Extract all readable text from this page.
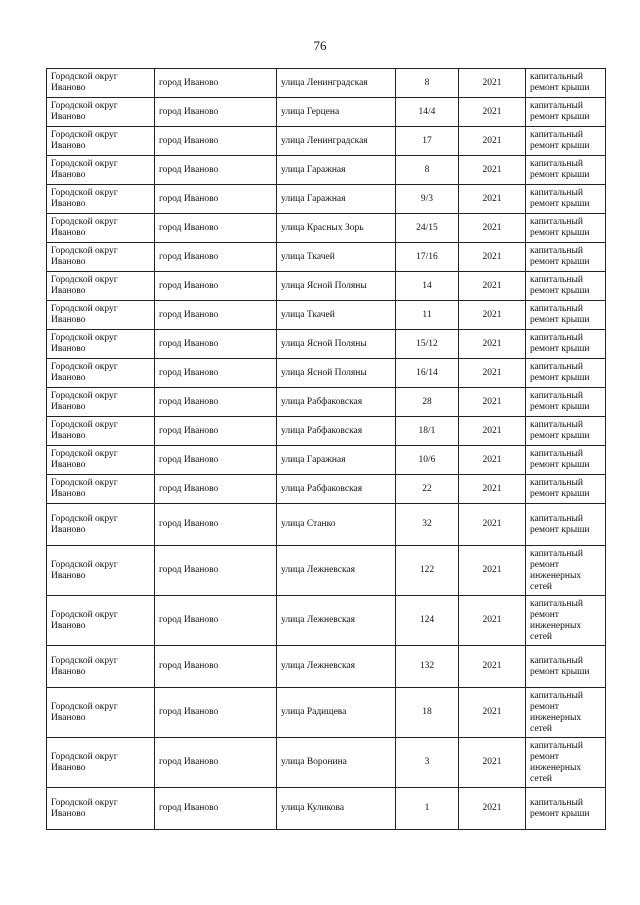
76
Городской округ Иваново	город Иваново	улица Ленинградская	8	2021	капитальный ремонт крыши
Городской округ Иваново	город Иваново	улица Герцена	14/4	2021	капитальный ремонт крыши
Городской округ Иваново	город Иваново	улица Ленинградская	17	2021	капитальный ремонт крыши
Городской округ Иваново	город Иваново	улица Гаражная	8	2021	капитальный ремонт крыши
Городской округ Иваново	город Иваново	улица Гаражная	9/3	2021	капитальный ремонт крыши
Городской округ Иваново	город Иваново	улица Красных Зорь	24/15	2021	капитальный ремонт крыши
Городской округ Иваново	город Иваново	улица Ткачей	17/16	2021	капитальный ремонт крыши
Городской округ Иваново	город Иваново	улица Ясной Поляны	14	2021	капитальный ремонт крыши
Городской округ Иваново	город Иваново	улица Ткачей	11	2021	капитальный ремонт крыши
Городской округ Иваново	город Иваново	улица Ясной Поляны	15/12	2021	капитальный ремонт крыши
Городской округ Иваново	город Иваново	улица Ясной Поляны	16/14	2021	капитальный ремонт крыши
Городской округ Иваново	город Иваново	улица Рабфаковская	28	2021	капитальный ремонт крыши
Городской округ Иваново	город Иваново	улица Рабфаковская	18/1	2021	капитальный ремонт крыши
Городской округ Иваново	город Иваново	улица Гаражная	10/6	2021	капитальный ремонт крыши
Городской округ Иваново	город Иваново	улица Рабфаковская	22	2021	капитальный ремонт крыши
Городской округ Иваново	город Иваново	улица Станко	32	2021	капитальный ремонт крыши
Городской округ Иваново	город Иваново	улица Лежневская	122	2021	капитальный ремонт инженерных сетей
Городской округ Иваново	город Иваново	улица Лежневская	124	2021	капитальный ремонт инженерных сетей
Городской округ Иваново	город Иваново	улица Лежневская	132	2021	капитальный ремонт крыши
Городской округ Иваново	город Иваново	улица Радищева	18	2021	капитальный ремонт инженерных сетей
Городской округ Иваново	город Иваново	улица Воронина	3	2021	капитальный ремонт инженерных сетей
Городской округ Иваново	город Иваново	улица Куликова	1	2021	капитальный ремонт крыши
